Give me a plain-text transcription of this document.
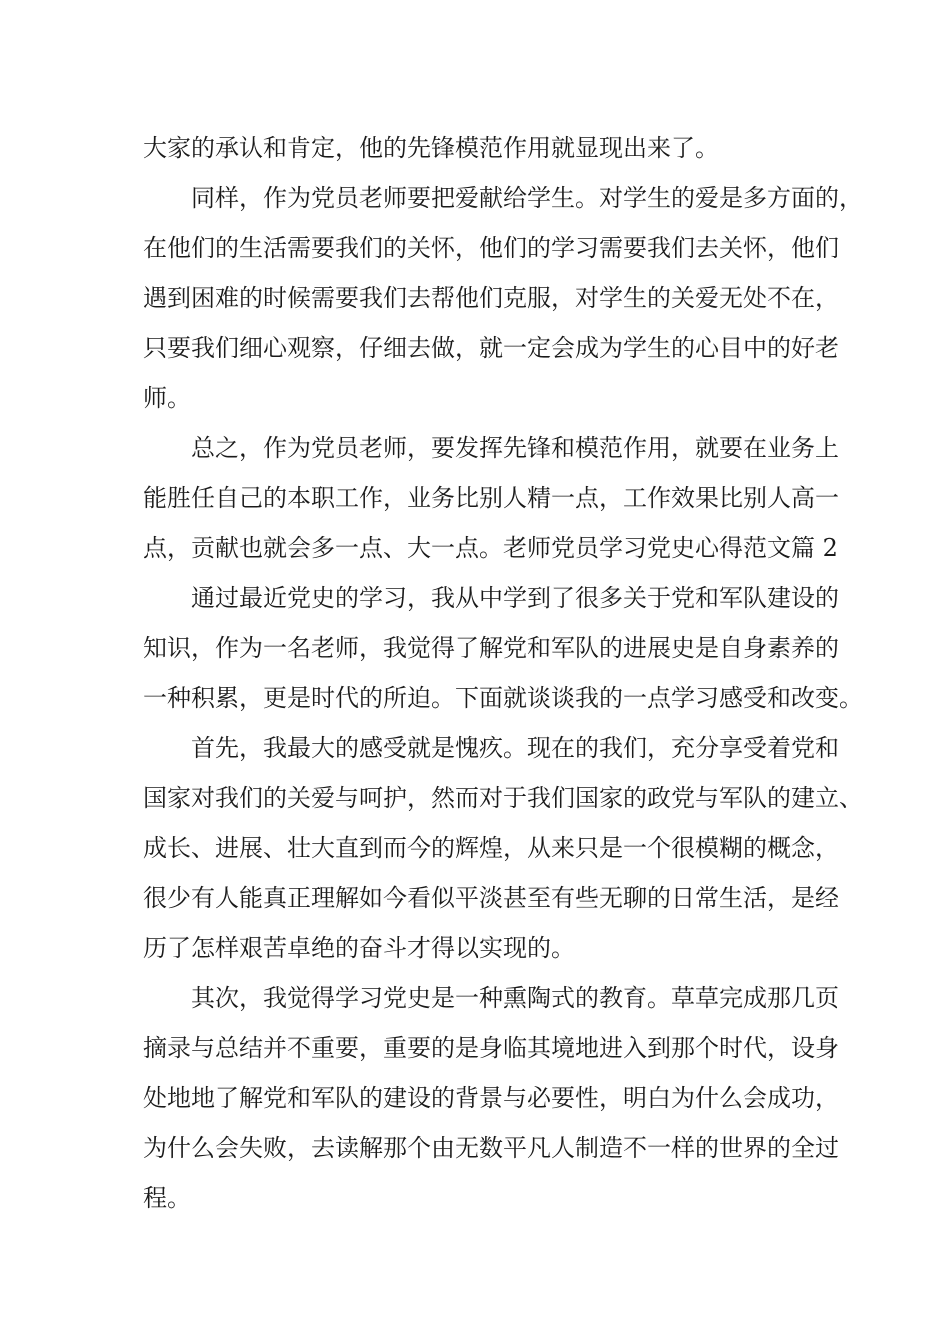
大家的承认和肯定，他的先锋模范作用就显现出来了。
同样，作为党员老师要把爱献给学生。对学生的爱是多方面的，
在他们的生活需要我们的关怀，他们的学习需要我们去关怀，他们
遇到困难的时候需要我们去帮他们克服，对学生的关爱无处不在，
只要我们细心观察，仔细去做，就一定会成为学生的心目中的好老
师。
总之，作为党员老师，要发挥先锋和模范作用，就要在业务上
能胜任自己的本职工作，业务比别人精一点，工作效果比别人高一
点，贡献也就会多一点、大一点。老师党员学习党史心得范文篇 2
通过最近党史的学习，我从中学到了很多关于党和军队建设的
知识，作为一名老师，我觉得了解党和军队的进展史是自身素养的
一种积累，更是时代的所迫。下面就谈谈我的一点学习感受和改变。
首先，我最大的感受就是愧疚。现在的我们，充分享受着党和
国家对我们的关爱与呵护，然而对于我们国家的政党与军队的建立、
成长、进展、壮大直到而今的辉煌，从来只是一个很模糊的概念，
很少有人能真正理解如今看似平淡甚至有些无聊的日常生活，是经
历了怎样艰苦卓绝的奋斗才得以实现的。
其次，我觉得学习党史是一种熏陶式的教育。草草完成那几页
摘录与总结并不重要，重要的是身临其境地进入到那个时代，设身
处地地了解党和军队的建设的背景与必要性，明白为什么会成功，
为什么会失败，去读解那个由无数平凡人制造不一样的世界的全过
程。
